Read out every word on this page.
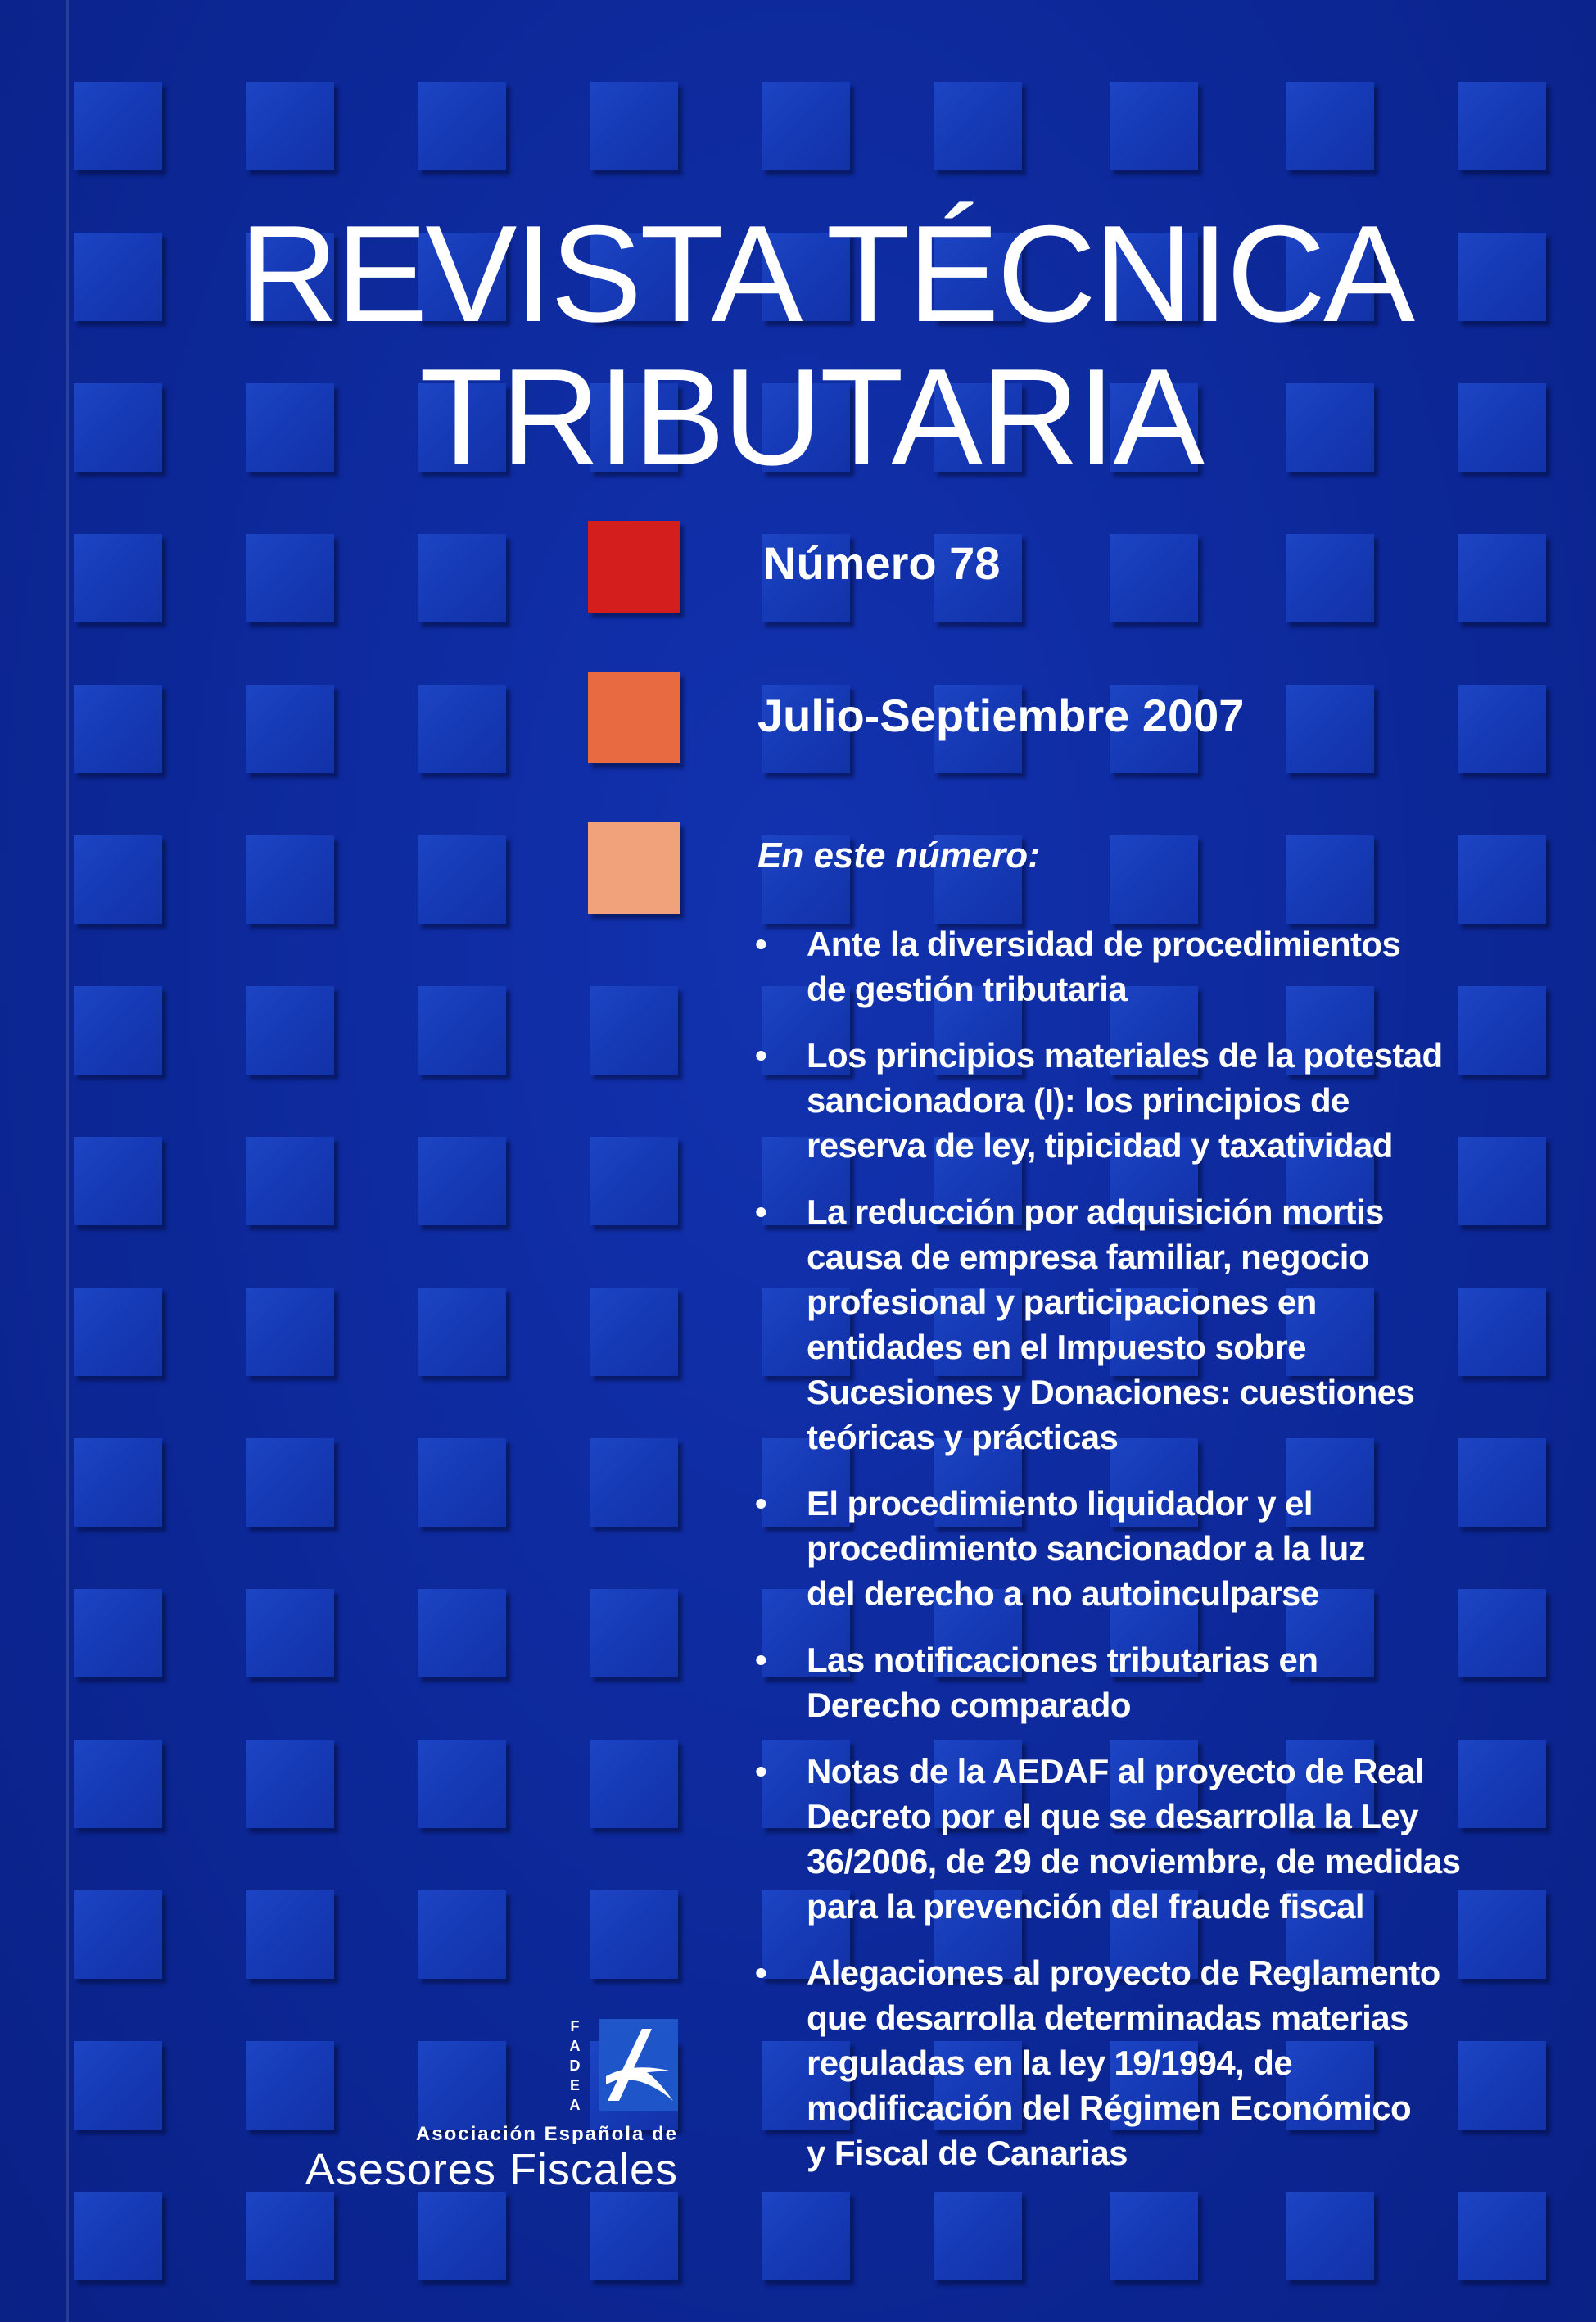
REVISTA TÉCNICA
TRIBUTARIA

Número 78

Julio-Septiembre 2007

En este número:

• Ante la diversidad de procedimientos
de gestión tributaria
• Los principios materiales de la potestad
sancionadora (I): los principios de
reserva de ley, tipicidad y taxatividad
• La reducción por adquisición mortis
causa de empresa familiar, negocio
profesional y participaciones en
entidades en el Impuesto sobre
Sucesiones y Donaciones: cuestiones
teóricas y prácticas
• El procedimiento liquidador y el
procedimiento sancionador a la luz
del derecho a no autoinculparse
• Las notificaciones tributarias en
Derecho comparado
• Notas de la AEDAF al proyecto de Real
Decreto por el que se desarrolla la Ley
36/2006, de 29 de noviembre, de medidas
para la prevención del fraude fiscal
• Alegaciones al proyecto de Reglamento
que desarrolla determinadas materias
reguladas en la ley 19/1994, de
modificación del Régimen Económico
y Fiscal de Canarias
F
A
D
E
A

Asociación Española de

Asesores Fiscales
